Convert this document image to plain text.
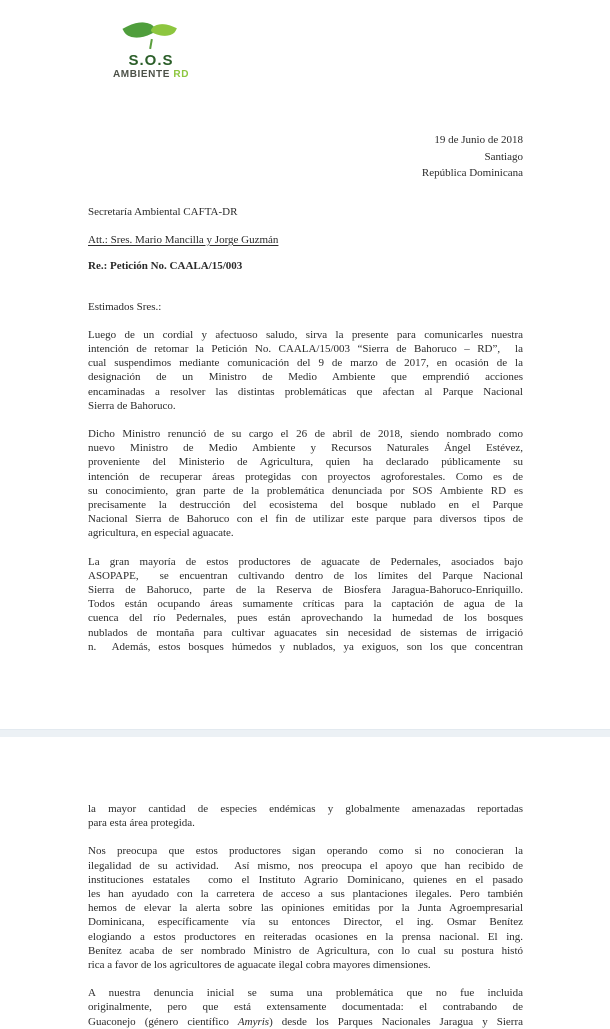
S.O.S
AMBIENTE RD
19 de Junio de 2018
Santiago
República Dominicana
Secretaría Ambiental CAFTA-DR
Att.: Sres. Mario Mancilla y Jorge Guzmán
Re.: Petición No. CAALA/15/003
Estimados Sres.:
Luego de un cordial y afectuoso saludo, sirva la presente para comunicarles nuestra
intención de retomar la Petición No. CAALA/15/003 “Sierra de Bahoruco – RD”,  la
cual suspendimos mediante comunicación del 9 de marzo de 2017, en ocasión de la
designación de un Ministro de Medio Ambiente que emprendió acciones
encaminadas a resolver las distintas problemáticas que afectan al Parque Nacional
Sierra de Bahoruco.
Dicho Ministro renunció de su cargo el 26 de abril de 2018, siendo nombrado como
nuevo Ministro de Medio Ambiente y Recursos Naturales Ángel Estévez,
proveniente del Ministerio de Agricultura, quien ha declarado públicamente su
intención de recuperar áreas protegidas con proyectos agroforestales. Como es de
su conocimiento, gran parte de la problemática denunciada por SOS Ambiente RD es
precisamente la destrucción del ecosistema del bosque nublado en el Parque
Nacional Sierra de Bahoruco con el fin de utilizar este parque para diversos tipos de
agricultura, en especial aguacate.
La gran mayoría de estos productores de aguacate de Pedernales, asociados bajo
ASOPAPE,  se encuentran cultivando dentro de los límites del Parque Nacional
Sierra de Bahoruco, parte de la Reserva de Biosfera Jaragua-Bahoruco-Enriquillo.
Todos están ocupando áreas sumamente críticas para la captación de agua de la
cuenca del río Pedernales, pues están aprovechando la humedad de los bosques
nublados de montaña para cultivar aguacates sin necesidad de sistemas de irrigació
n.  Además, estos bosques húmedos y nublados, ya exiguos, son los que concentran
la mayor cantidad de especies endémicas y globalmente amenazadas reportadas
para esta área protegida.
Nos preocupa que estos productores sigan operando como si no conocieran la
ilegalidad de su actividad.  Así mismo, nos preocupa el apoyo que han recibido de
instituciones estatales  como el Instituto Agrario Dominicano, quienes en el pasado
les han ayudado con la carretera de acceso a sus plantaciones ilegales. Pero también
hemos de elevar la alerta sobre las opiniones emitidas por la Junta Agroempresarial
Dominicana, específicamente vía su entonces Director, el ing. Osmar Benítez
elogiando a estos productores en reiteradas ocasiones en la prensa nacional. El ing.
Benítez acaba de ser nombrado Ministro de Agricultura, con lo cual su postura histó
rica a favor de los agricultores de aguacate ilegal cobra mayores dimensiones.
A nuestra denuncia inicial se suma una problemática que no fue incluida
originalmente, pero que está extensamente documentada: el contrabando de
Guaconejo (género científico Amyris) desde los Parques Nacionales Jaragua y Sierra
